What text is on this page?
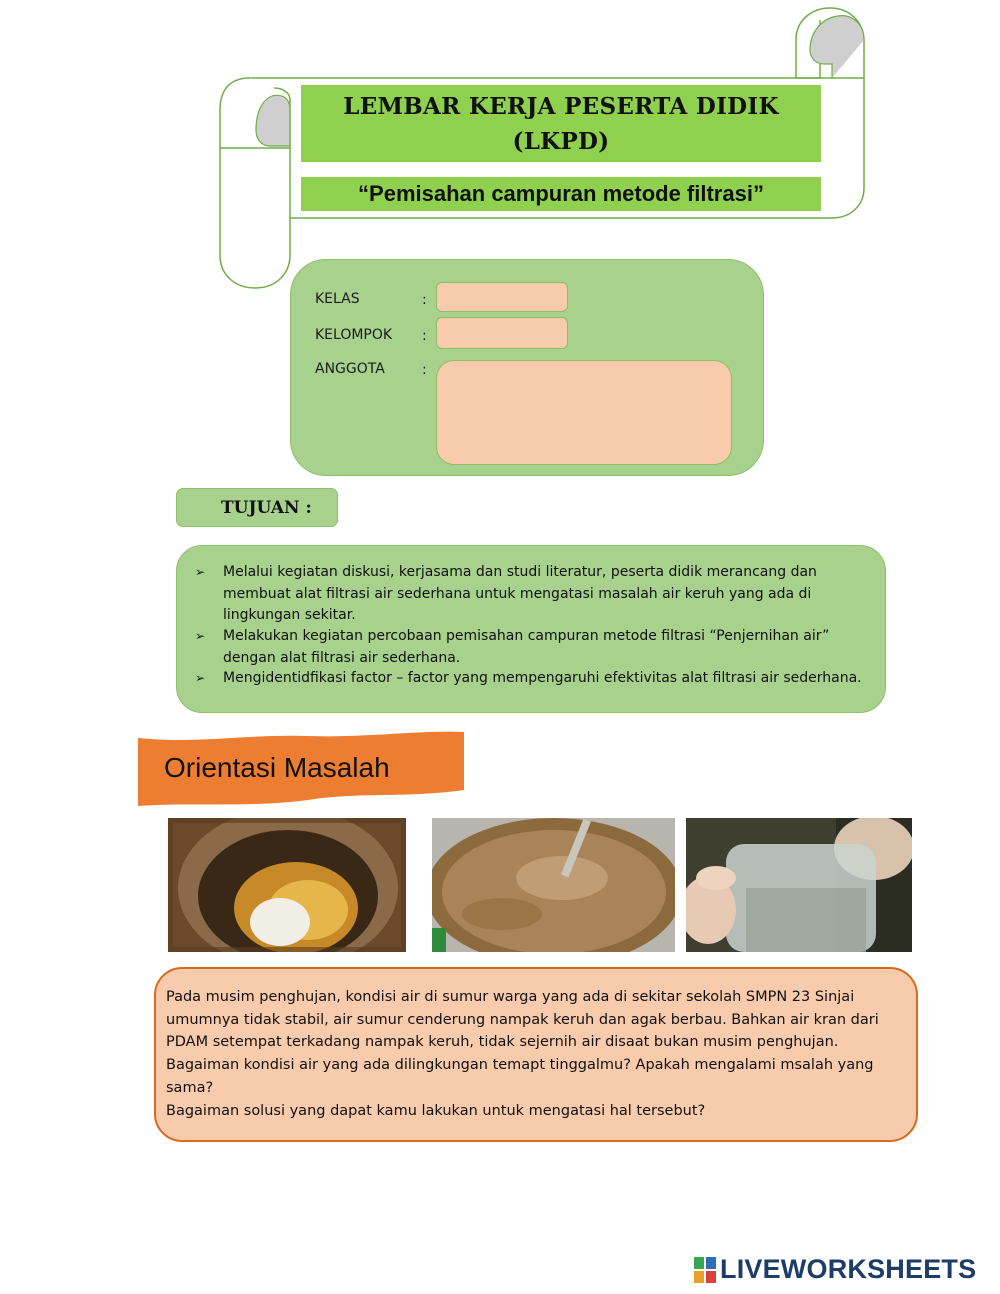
LEMBAR KERJA PESERTA DIDIK
(LKPD)
“Pemisahan campuran metode filtrasi”
KELAS	:
KELOMPOK :
ANGGOTA	:
TUJUAN :
➢ Melalui kegiatan diskusi, kerjasama dan studi literatur, peserta didik merancang dan membuat alat filtrasi air sederhana untuk mengatasi masalah air keruh yang ada di lingkungan sekitar.
➢ Melakukan kegiatan percobaan pemisahan campuran metode filtrasi “Penjernihan air” dengan alat filtrasi air sederhana.
➢ Mengidentidfikasi factor – factor yang mempengaruhi efektivitas alat filtrasi air sederhana.
Orientasi Masalah
Pada musim penghujan, kondisi air di sumur warga yang ada di sekitar sekolah SMPN 23 Sinjai umumnya tidak stabil, air sumur cenderung nampak keruh dan agak berbau. Bahkan air kran dari PDAM setempat terkadang nampak keruh, tidak sejernih air disaat bukan musim penghujan. Bagaiman kondisi air yang ada dilingkungan temapt tinggalmu? Apakah mengalami msalah yang sama?
Bagaiman solusi yang dapat kamu lakukan untuk mengatasi hal tersebut?
LIVEWORKSHEETS
